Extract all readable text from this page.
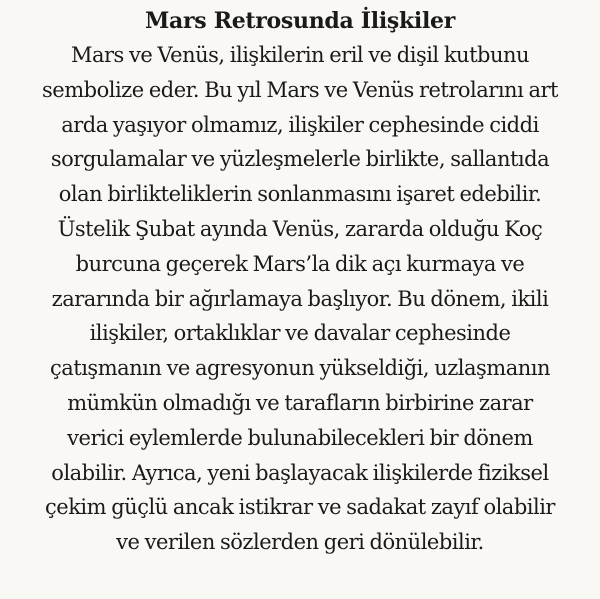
Mars Retrosunda İlişkiler
Mars ve Venüs, ilişkilerin eril ve dişil kutbunu
sembolize eder. Bu yıl Mars ve Venüs retrolarını art
arda yaşıyor olmamız, ilişkiler cephesinde ciddi
sorgulamalar ve yüzleşmelerle birlikte, sallantıda
olan birlikteliklerin sonlanmasını işaret edebilir.
Üstelik Şubat ayında Venüs, zararda olduğu Koç
burcuna geçerek Mars’la dik açı kurmaya ve
zararında bir ağırlamaya başlıyor. Bu dönem, ikili
ilişkiler, ortaklıklar ve davalar cephesinde
çatışmanın ve agresyonun yükseldiği, uzlaşmanın
mümkün olmadığı ve tarafların birbirine zarar
verici eylemlerde bulunabilecekleri bir dönem
olabilir. Ayrıca, yeni başlayacak ilişkilerde fiziksel
çekim güçlü ancak istikrar ve sadakat zayıf olabilir
ve verilen sözlerden geri dönülebilir.
